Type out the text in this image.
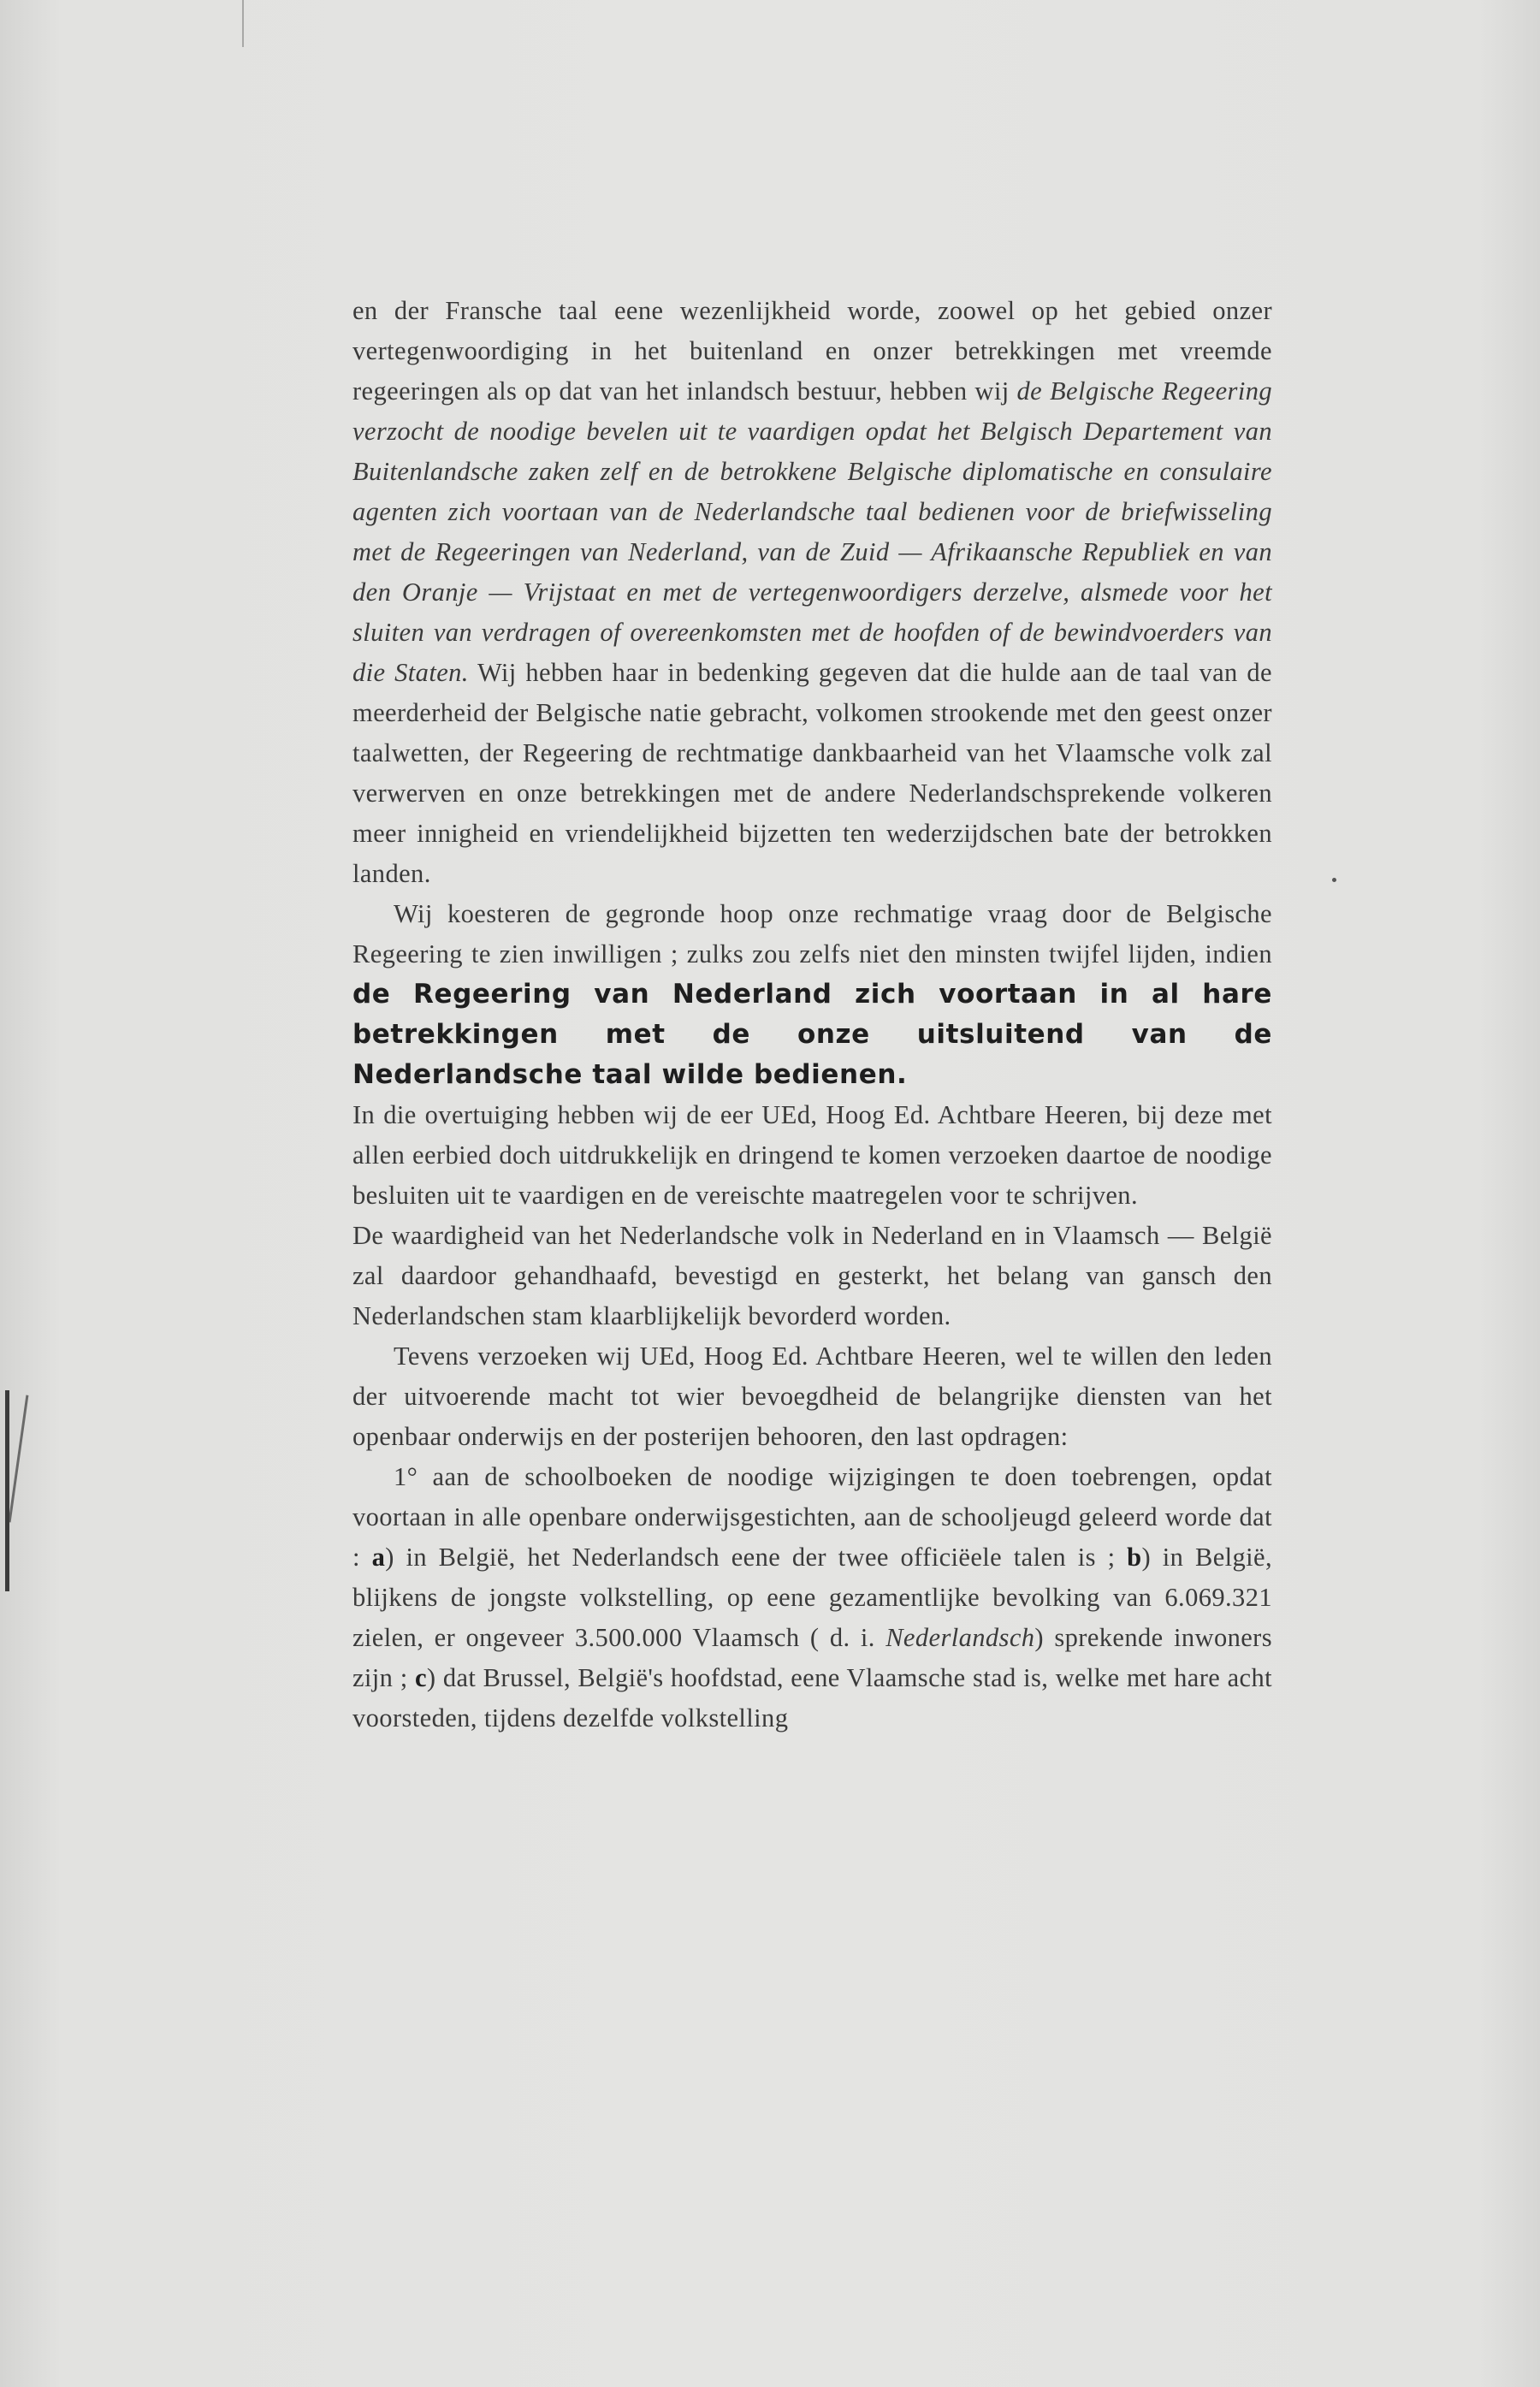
en der Fransche taal eene wezenlijkheid worde, zoowel op het gebied onzer vertegenwoordiging in het buitenland en onzer betrekkingen met vreemde regeeringen als op dat van het inlandsch bestuur, hebben wij de Belgische Regeering verzocht de noodige bevelen uit te vaardigen opdat het Belgisch Departement van Buitenlandsche zaken zelf en de betrokkene Belgische diplomatische en consulaire agenten zich voortaan van de Nederlandsche taal bedienen voor de briefwisseling met de Regeeringen van Nederland, van de Zuid — Afrikaansche Republiek en van den Oranje — Vrijstaat en met de vertegenwoordigers derzelve, alsmede voor het sluiten van verdragen of overeenkomsten met de hoofden of de bewindvoerders van die Staten. Wij hebben haar in bedenking gegeven dat die hulde aan de taal van de meerderheid der Belgische natie gebracht, volkomen strookende met den geest onzer taalwetten, der Regeering de rechtmatige dankbaarheid van het Vlaamsche volk zal verwerven en onze betrekkingen met de andere Nederlandschsprekende volkeren meer innigheid en vriendelijkheid bijzetten ten wederzijdschen bate der betrokken landen.

Wij koesteren de gegronde hoop onze rechmatige vraag door de Belgische Regeering te zien inwilligen ; zulks zou zelfs niet den minsten twijfel lijden, indien de Regeering van Nederland zich voortaan in al hare betrekkingen met de onze uitsluitend van de Nederlandsche taal wilde bedienen.

In die overtuiging hebben wij de eer UEd, Hoog Ed. Achtbare Heeren, bij deze met allen eerbied doch uitdrukkelijk en dringend te komen verzoeken daartoe de noodige besluiten uit te vaardigen en de vereischte maatregelen voor te schrijven.

De waardigheid van het Nederlandsche volk in Nederland en in Vlaamsch — België zal daardoor gehandhaafd, bevestigd en gesterkt, het belang van gansch den Nederlandschen stam klaarblijkelijk bevorderd worden.

Tevens verzoeken wij UEd, Hoog Ed. Achtbare Heeren, wel te willen den leden der uitvoerende macht tot wier bevoegdheid de belangrijke diensten van het openbaar onderwijs en der posterijen behooren, den last opdragen:

1° aan de schoolboeken de noodige wijzigingen te doen toebrengen, opdat voortaan in alle openbare onderwijsgestichten, aan de schooljeugd geleerd worde dat : a) in België, het Nederlandsch eene der twee officiëele talen is ; b) in België, blijkens de jongste volkstelling, op eene gezamentlijke bevolking van 6.069.321 zielen, er ongeveer 3.500.000 Vlaamsch ( d. i. Nederlandsch) sprekende inwoners zijn ; c) dat Brussel, België's hoofdstad, eene Vlaamsche stad is, welke met hare acht voorsteden, tijdens dezelfde volkstelling
